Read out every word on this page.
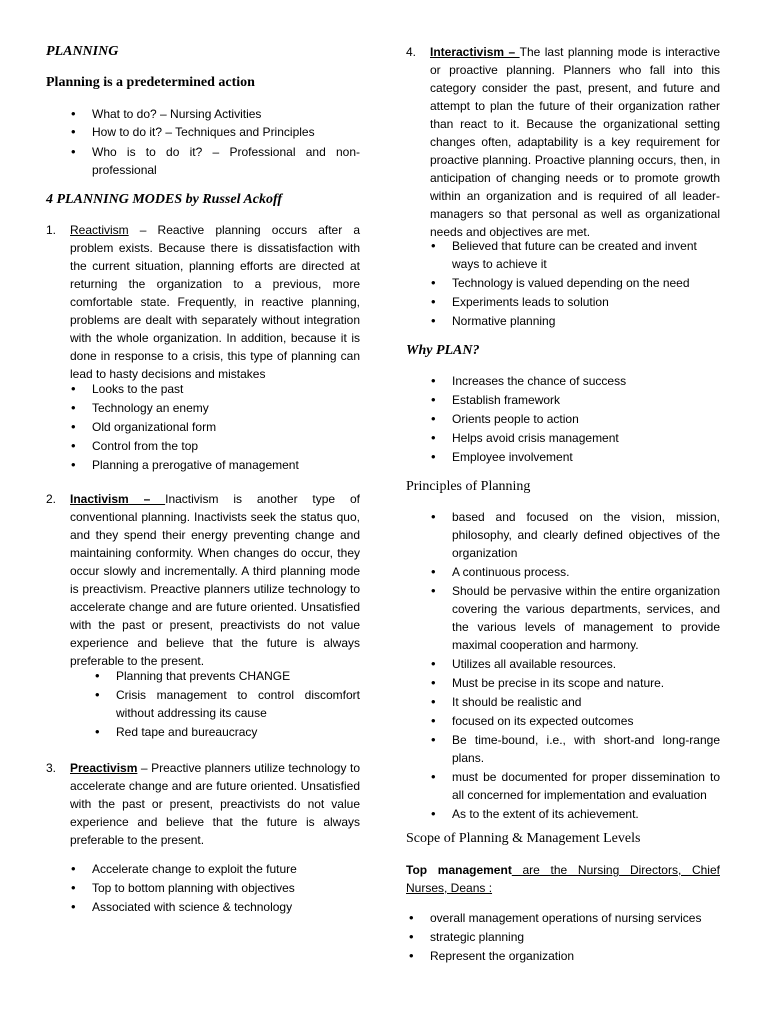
PLANNING
Planning is a predetermined action
• What to do? – Nursing Activities
• How to do it? – Techniques and Principles
• Who is to do it? – Professional and non-professional
4 PLANNING MODES by Russel Ackoff
1. Reactivism – Reactive planning occurs after a problem exists. Because there is dissatisfaction with the current situation, planning efforts are directed at returning the organization to a previous, more comfortable state. Frequently, in reactive planning, problems are dealt with separately without integration with the whole organization. In addition, because it is done in response to a crisis, this type of planning can lead to hasty decisions and mistakes
• Looks to the past
• Technology an enemy
• Old organizational form
• Control from the top
• Planning a prerogative of management
2. Inactivism – Inactivism is another type of conventional planning. Inactivists seek the status quo, and they spend their energy preventing change and maintaining conformity. When changes do occur, they occur slowly and incrementally. A third planning mode is preactivism. Preactive planners utilize technology to accelerate change and are future oriented. Unsatisfied with the past or present, preactivists do not value experience and believe that the future is always preferable to the present.
• Planning that prevents CHANGE
• Crisis management to control discomfort without addressing its cause
• Red tape and bureaucracy
3. Preactivism – Preactive planners utilize technology to accelerate change and are future oriented. Unsatisfied with the past or present, preactivists do not value experience and believe that the future is always preferable to the present.
• Accelerate change to exploit the future
• Top to bottom planning with objectives
• Associated with science & technology
4. Interactivism – The last planning mode is interactive or proactive planning. Planners who fall into this category consider the past, present, and future and attempt to plan the future of their organization rather than react to it. Because the organizational setting changes often, adaptability is a key requirement for proactive planning. Proactive planning occurs, then, in anticipation of changing needs or to promote growth within an organization and is required of all leader-managers so that personal as well as organizational needs and objectives are met.
• Believed that future can be created and invent ways to achieve it
• Technology is valued depending on the need
• Experiments leads to solution
• Normative planning
Why PLAN?
• Increases the chance of success
• Establish framework
• Orients people to action
• Helps avoid crisis management
• Employee involvement
Principles of Planning
• based and focused on the vision, mission, philosophy, and clearly defined objectives of the organization
• A continuous process.
• Should be pervasive within the entire organization covering the various departments, services, and the various levels of management to provide maximal cooperation and harmony.
• Utilizes all available resources.
• Must be precise in its scope and nature.
• It should be realistic and
• focused on its expected outcomes
• Be time-bound, i.e., with short-and long-range plans.
• must be documented for proper dissemination to all concerned for implementation and evaluation
• As to the extent of its achievement.
Scope of Planning & Management Levels
Top management are the Nursing Directors, Chief Nurses, Deans :
• overall management operations of nursing services
• strategic planning
• Represent the organization
